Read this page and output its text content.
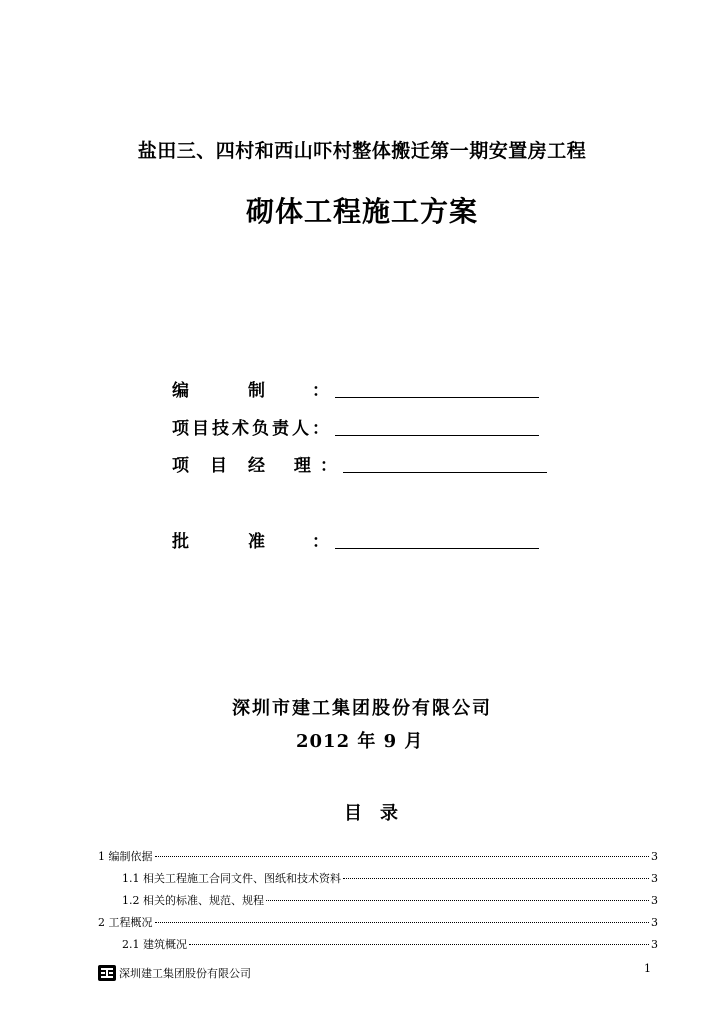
盐田三、四村和西山吓村整体搬迁第一期安置房工程
砌体工程施工方案
编　　　制	：
项目技术负责人 ：
项　目　经　 理 ：
批　　　准	：
深圳市建工集团股份有限公司
2012 年 9 月
目录
1 编制依据	3
1.1 相关工程施工合同文件、图纸和技术资料	3
1.2 相关的标准、规范、规程	3
2 工程概况	3
2.1 建筑概况	3
深圳建工集团股份有限公司	1
